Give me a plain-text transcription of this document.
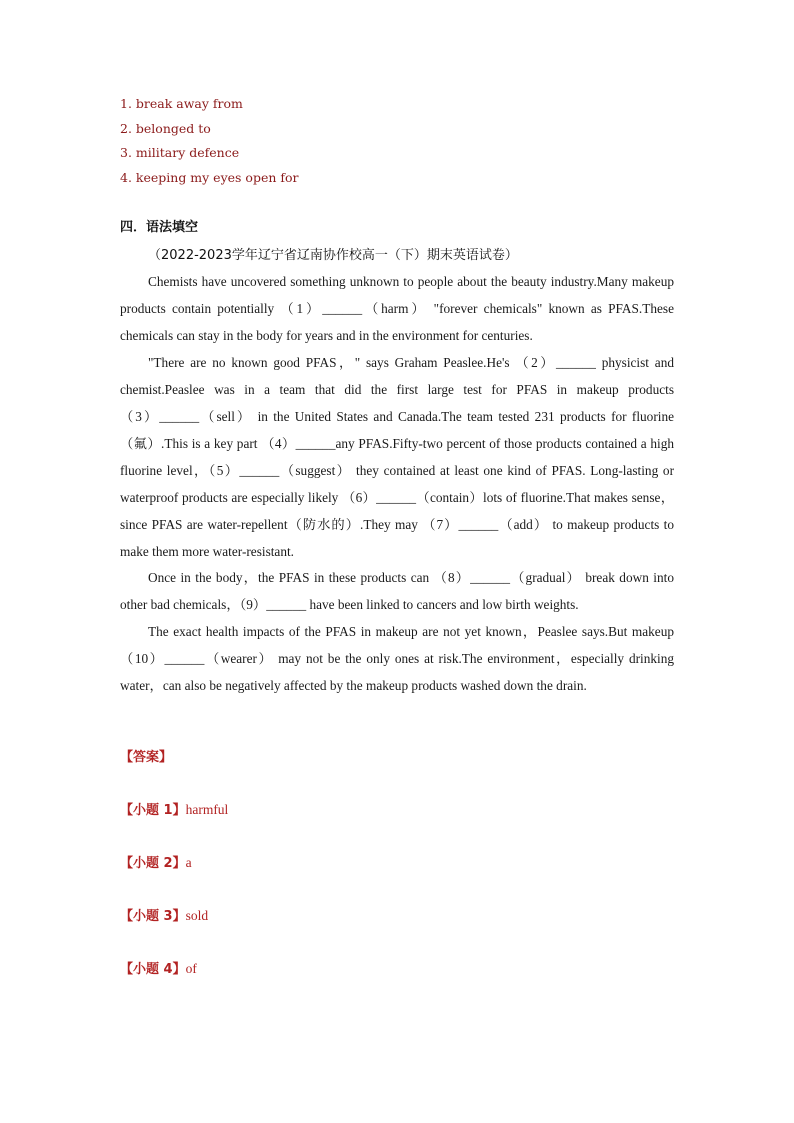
1. break away from
2. belonged to
3. military defence
4. keeping my eyes open for
四．语法填空
（2022-2023学年辽宁省辽南协作校高一（下）期末英语试卷）

Chemists have uncovered something unknown to people about the beauty industry.Many makeup products contain potentially （1）______（harm） "forever chemicals" known as PFAS.These chemicals can stay in the body for years and in the environment for centuries.

"There are no known good PFAS，" says Graham Peaslee.He's （2）______ physicist and chemist.Peaslee was in a team that did the first large test for PFAS in makeup products （3）______（sell） in the United States and Canada.The team tested 231 products for fluorine（氟）.This is a key part （4）______any PFAS.Fifty-two percent of those products contained a high fluorine level，（5）______（suggest） they contained at least one kind of PFAS. Long-lasting or waterproof products are especially likely （6）______（contain）lots of fluorine.That makes sense，since PFAS are water-repellent（防水的）.They may （7）______（add） to makeup products to make them more water-resistant.

Once in the body，the PFAS in these products can （8）______（gradual） break down into other bad chemicals，（9）______ have been linked to cancers and low birth weights.

The exact health impacts of the PFAS in makeup are not yet known，Peaslee says.But makeup （10）______（wearer） may not be the only ones at risk.The environment，especially drinking water，can also be negatively affected by the makeup products washed down the drain.

【答案】
【小题 1】harmful
【小题 2】a
【小题 3】sold
【小题 4】of
